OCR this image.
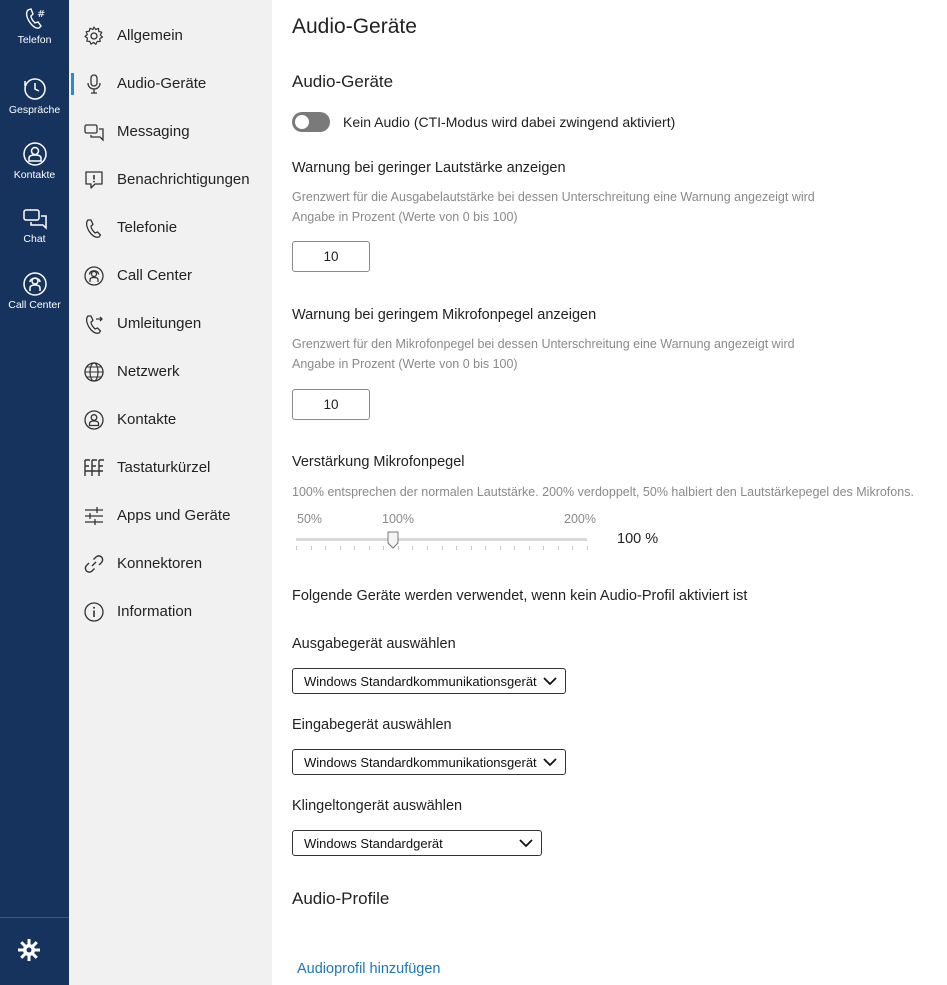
#
Telefon
Gespräche
Kontakte
Chat
Call Center
Allgemein
Audio-Geräte
Messaging
Benachrichtigungen
Telefonie
Call Center
Umleitungen
Netzwerk
Kontakte
Tastaturkürzel
Apps und Geräte
Konnektoren
Information
Audio-Geräte
Audio-Geräte
Kein Audio (CTI-Modus wird dabei zwingend aktiviert)
Warnung bei geringer Lautstärke anzeigen
Grenzwert für die Ausgabelautstärke bei dessen Unterschreitung eine Warnung angezeigt wird
Angabe in Prozent (Werte von 0 bis 100)
10
Warnung bei geringem Mikrofonpegel anzeigen
Grenzwert für den Mikrofonpegel bei dessen Unterschreitung eine Warnung angezeigt wird
Angabe in Prozent (Werte von 0 bis 100)
10
Verstärkung Mikrofonpegel
100% entsprechen der normalen Lautstärke. 200% verdoppelt, 50% halbiert den Lautstärkepegel des Mikrofons.
50%	100%	200%
100 %
Folgende Geräte werden verwendet, wenn kein Audio-Profil aktiviert ist
Ausgabegerät auswählen
Windows Standardkommunikationsgerät
Eingabegerät auswählen
Windows Standardkommunikationsgerät
Klingeltongerät auswählen
Windows Standardgerät
Audio-Profile
Audioprofil hinzufügen
